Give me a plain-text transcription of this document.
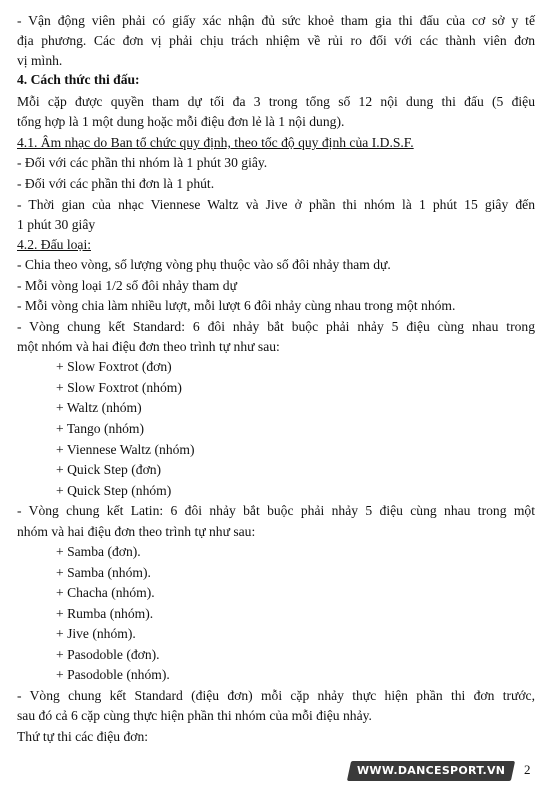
- Vận động viên phải có giấy xác nhận đủ sức khoẻ tham gia thi đấu của cơ sở y tế
địa phương. Các đơn vị phải chịu trách nhiệm về rủi ro đối với các thành viên đơn
vị mình.
4. Cách thức thi đấu:
Mỗi cặp được quyền tham dự tối đa 3 trong tổng số 12 nội dung thi đấu (5 điệu
tổng hợp là 1 một dung hoặc mỗi điệu đơn lẻ là 1 nội dung).
4.1. Âm nhạc do Ban tổ chức quy định, theo tốc độ quy định của I.D.S.F.
- Đối với các phần thi nhóm là 1 phút 30 giây.
- Đối với các phần thi đơn là 1 phút.
- Thời gian của nhạc Viennese Waltz và Jive ở phần thi nhóm là 1 phút 15 giây đến
1 phút 30 giây
4.2. Đấu loại:
- Chia theo vòng, số lượng vòng phụ thuộc vào số đôi nhảy tham dự.
- Mỗi vòng loại 1/2 số đôi nhảy tham dự
- Mỗi vòng chia làm nhiều lượt, mỗi lượt 6 đôi nhảy cùng nhau trong một nhóm.
- Vòng chung kết Standard: 6 đôi nhảy bắt buộc phải nhảy 5 điệu cùng nhau trong
một nhóm và hai điệu đơn theo trình tự như sau:
+ Slow Foxtrot (đơn)
+ Slow Foxtrot (nhóm)
+ Waltz (nhóm)
+ Tango (nhóm)
+ Viennese Waltz (nhóm)
+ Quick Step (đơn)
+ Quick Step (nhóm)
- Vòng chung kết Latin: 6 đôi nhảy bắt buộc phải nhảy 5 điệu cùng nhau trong một
nhóm và hai điệu đơn theo trình tự như sau:
+ Samba (đơn).
+ Samba (nhóm).
+ Chacha (nhóm).
+ Rumba (nhóm).
+ Jive (nhóm).
+ Pasodoble (đơn).
+ Pasodoble (nhóm).
- Vòng chung kết Standard (điệu đơn) mỗi cặp nhảy thực hiện phần thi đơn trước,
sau đó cả 6 cặp cùng thực hiện phần thi nhóm của mỗi điệu nhảy.
Thứ tự thi các điệu đơn:
WWW.DANCESPORT.VN	2
